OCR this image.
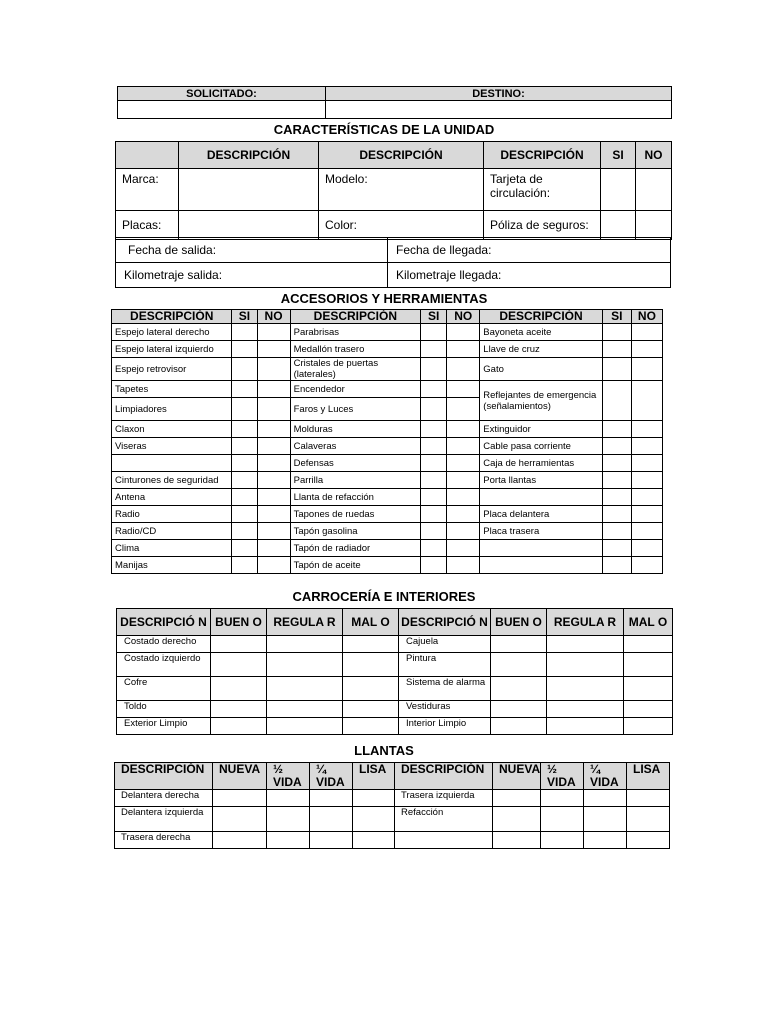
SOLICITADO:	DESTINO:

CARACTERÍSTICAS DE LA UNIDAD
	DESCRIPCIÓN	DESCRIPCIÓN	DESCRIPCIÓN	SI	NO
Marca:		Modelo:	Tarjeta de circulación:		
Placas:		Color:	Póliza de seguros:		
Fecha de salida:	Fecha de llegada:
Kilometraje salida:	Kilometraje llegada:
ACCESORIOS Y HERRAMIENTAS
DESCRIPCIÓN	SI	NO	DESCRIPCIÓN	SI	NO	DESCRIPCIÓN	SI	NO
Espejo lateral derecho			Parabrisas			Bayoneta aceite		
Espejo lateral izquierdo			Medallón trasero			Llave de cruz		
Espejo retrovisor			Cristales de puertas (laterales)			Gato		
Tapetes			Encendedor			Reflejantes de emergencia (señalamientos)		
Limpiadores			Faros y Luces					
Claxon			Molduras			Extinguidor		
Viseras			Calaveras			Cable pasa corriente		
			Defensas			Caja de herramientas		
Cinturones de seguridad			Parrilla			Porta llantas		
Antena			Llanta de refacción					
Radio			Tapones de ruedas			Placa delantera		
Radio/CD			Tapón gasolina			Placa trasera		
Clima			Tapón de radiador					
Manijas			Tapón de aceite					
CARROCERÍA E INTERIORES
DESCRIPCIÓ N	BUEN O	REGULA R	MAL O	DESCRIPCIÓ N	BUEN O	REGULA R	MAL O
Costado derecho				Cajuela			
Costado izquierdo				Pintura			
Cofre				Sistema de alarma			
Toldo				Vestiduras			
Exterior Limpio				Interior Limpio			
LLANTAS
DESCRIPCIÓN	NUEVA	½ VIDA	¼ VIDA	LISA	DESCRIPCIÓN	NUEVA	½ VIDA	¼ VIDA	LISA
Delantera derecha					Trasera izquierda				
Delantera izquierda					Refacción				
Trasera derecha									
